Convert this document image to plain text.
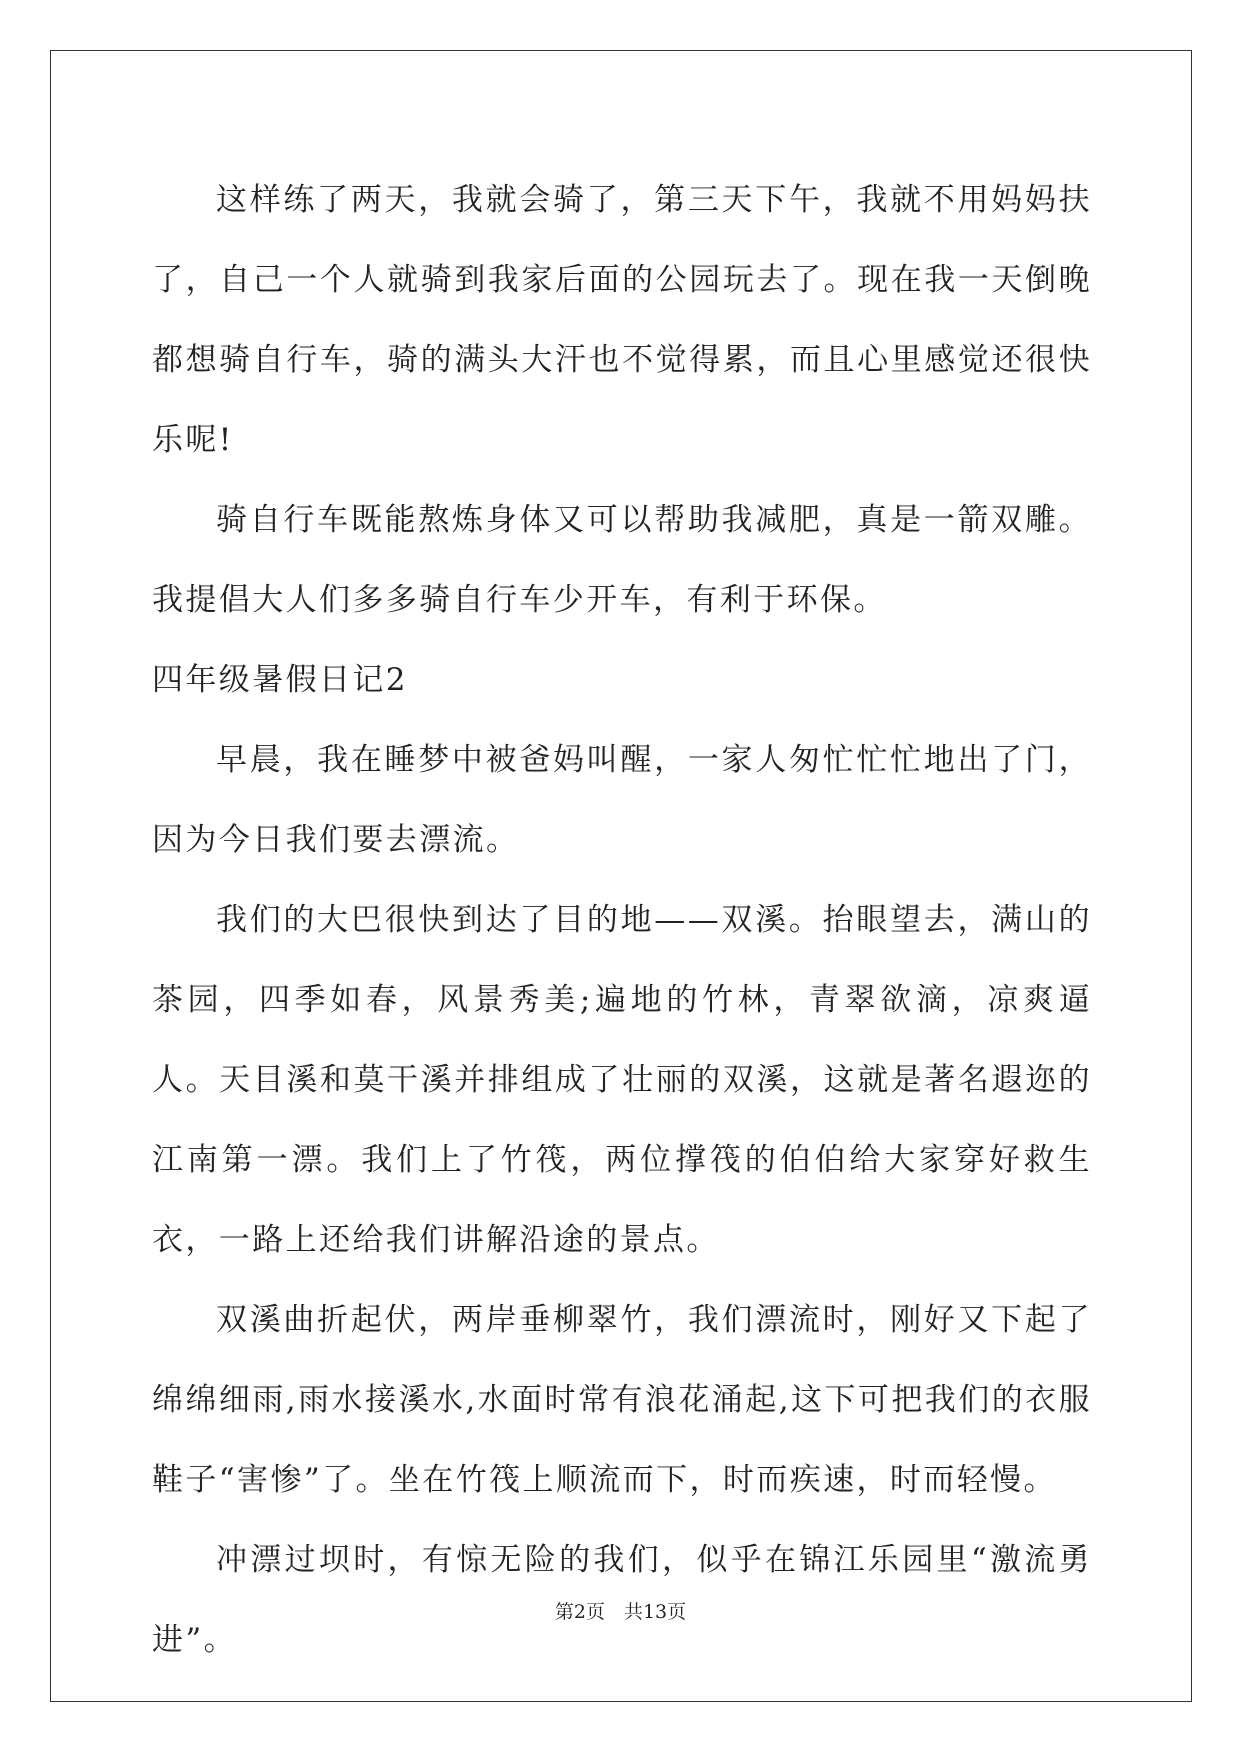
这样练了两天，我就会骑了，第三天下午，我就不用妈妈扶了，自己一个人就骑到我家后面的公园玩去了。现在我一天倒晚都想骑自行车，骑的满头大汗也不觉得累，而且心里感觉还很快乐呢!

骑自行车既能熬炼身体又可以帮助我减肥，真是一箭双雕。我提倡大人们多多骑自行车少开车，有利于环保。

四年级暑假日记2

早晨，我在睡梦中被爸妈叫醒，一家人匆忙忙忙地出了门，因为今日我们要去漂流。

我们的大巴很快到达了目的地——双溪。抬眼望去，满山的茶园，四季如春，风景秀美;遍地的竹林，青翠欲滴，凉爽逼人。天目溪和莫干溪并排组成了壮丽的双溪，这就是著名遐迩的江南第一漂。我们上了竹筏，两位撑筏的伯伯给大家穿好救生衣，一路上还给我们讲解沿途的景点。

双溪曲折起伏，两岸垂柳翠竹，我们漂流时，刚好又下起了绵绵细雨,雨水接溪水,水面时常有浪花涌起,这下可把我们的衣服鞋子“害惨”了。坐在竹筏上顺流而下，时而疾速，时而轻慢。

冲漂过坝时，有惊无险的我们，似乎在锦江乐园里“激流勇进”。

第2页　共13页
